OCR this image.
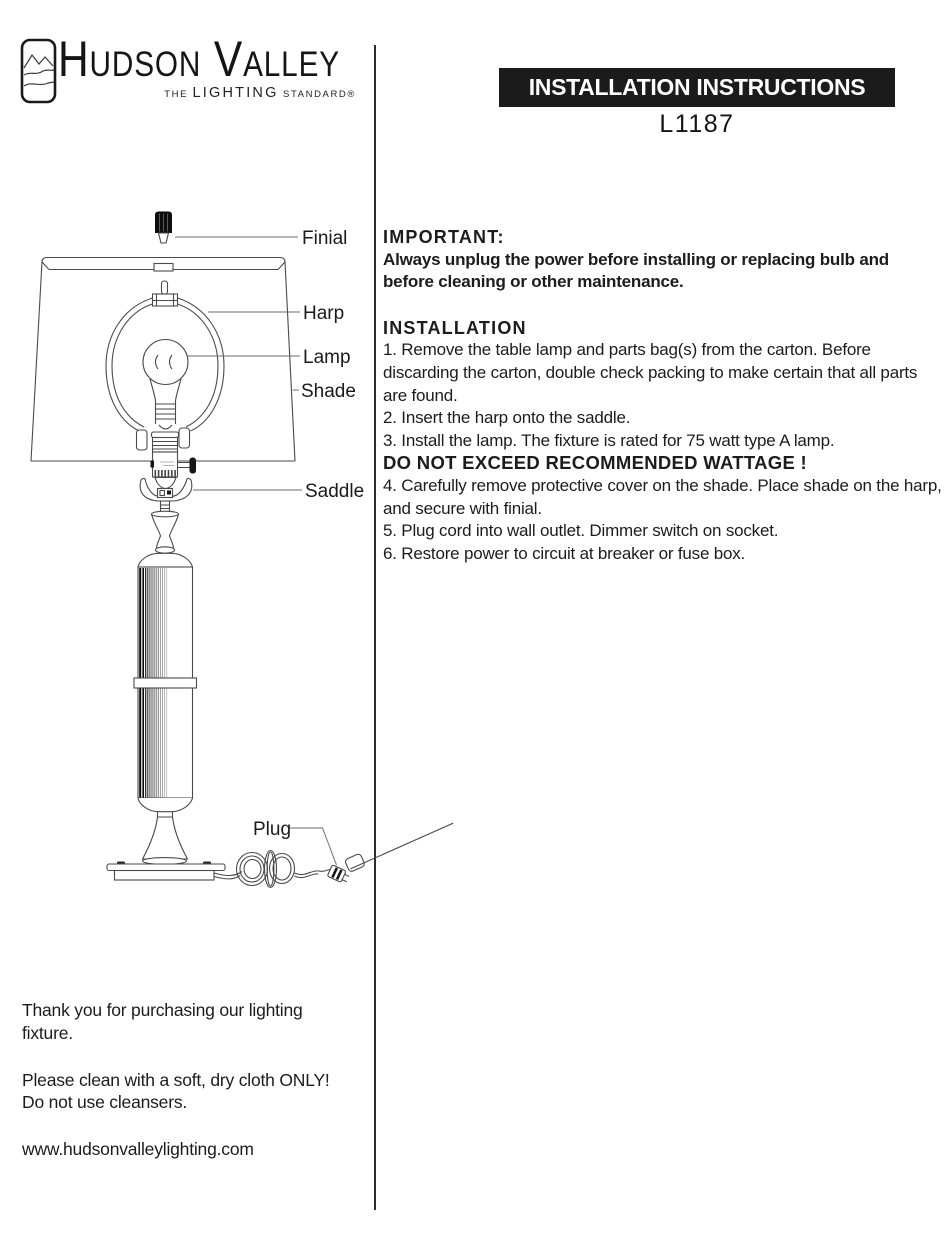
Hudson Valley
THE LIGHTING STANDARD®	INSTALLATION INSTRUCTIONS
L1187
Finial
Harp
Lamp
Shade
Saddle
Plug
IMPORTANT:

Always unplug the power before installing or replacing bulb and before cleaning or other maintenance.

INSTALLATION

1. Remove the table lamp and parts bag(s) from the carton. Before discarding the carton, double check packing to make certain that all parts are found.

2. Insert the harp onto the saddle.

3. Install the lamp. The fixture is rated for 75 watt type A lamp.

DO NOT EXCEED RECOMMENDED WATTAGE !

4. Carefully remove protective cover on the shade. Place shade on the harp, and secure with finial.

5. Plug cord into wall outlet. Dimmer switch on socket.

6. Restore power to circuit at breaker or fuse box.

Thank you for purchasing our lighting
fixture.

Please clean with a soft, dry cloth ONLY!
Do not use cleansers.

www.hudsonvalleylighting.com
